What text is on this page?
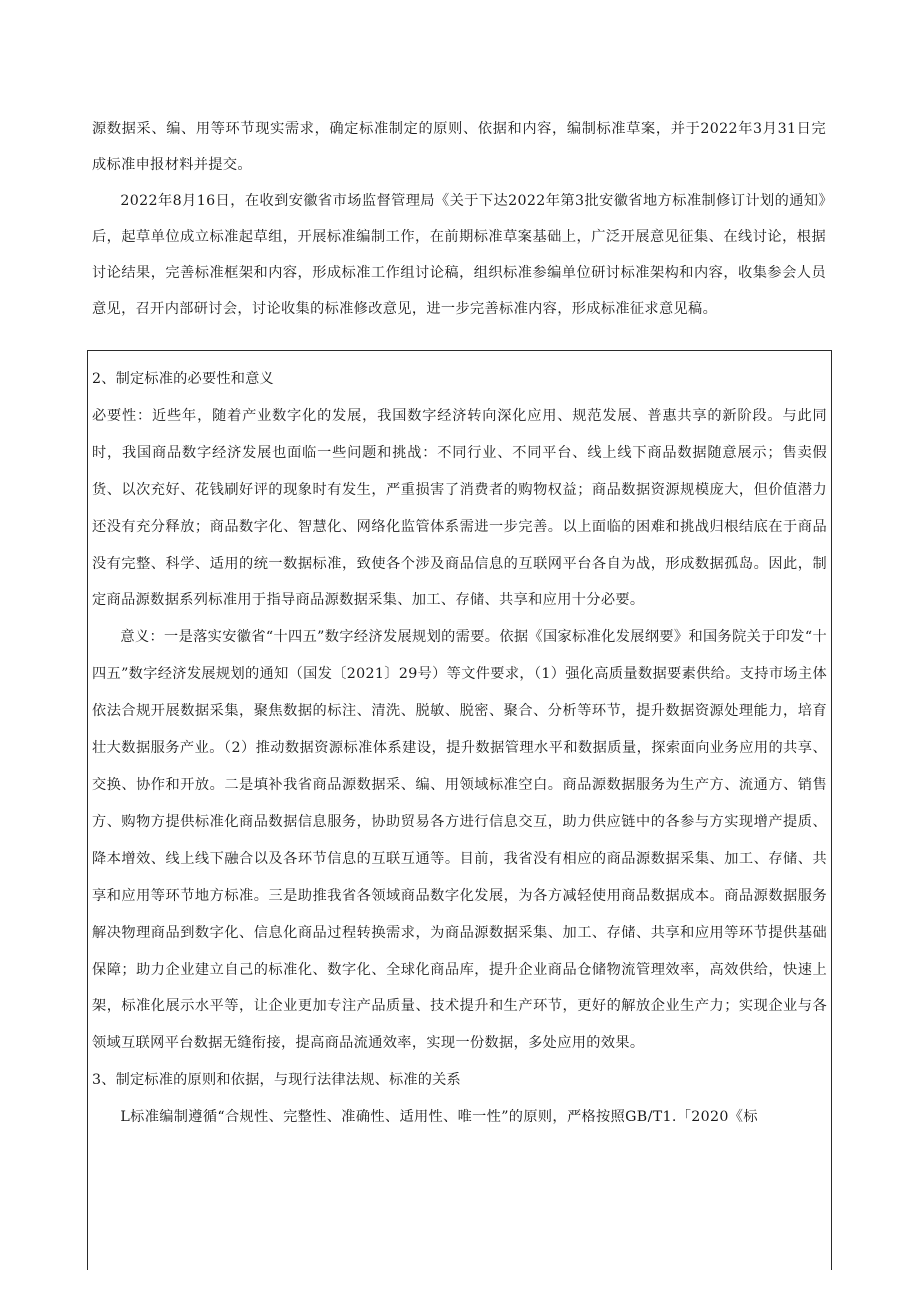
源数据采、编、用等环节现实需求，确定标准制定的原则、依据和内容，编制标准草案，并于2022年3月31日完成标准申报材料并提交。

2022年8月16日，在收到安徽省市场监督管理局《关于下达2022年第3批安徽省地方标准制修订计划的通知》后，起草单位成立标准起草组，开展标准编制工作，在前期标准草案基础上，广泛开展意见征集、在线讨论，根据讨论结果，完善标准框架和内容，形成标准工作组讨论稿，组织标准参编单位研讨标准架构和内容，收集参会人员意见，召开内部研讨会，讨论收集的标准修改意见，进一步完善标准内容，形成标准征求意见稿。

2、制定标准的必要性和意义

必要性：近些年，随着产业数字化的发展，我国数字经济转向深化应用、规范发展、普惠共享的新阶段。与此同时，我国商品数字经济发展也面临一些问题和挑战：不同行业、不同平台、线上线下商品数据随意展示；售卖假货、以次充好、花钱刷好评的现象时有发生，严重损害了消费者的购物权益；商品数据资源规模庞大，但价值潜力还没有充分释放；商品数字化、智慧化、网络化监管体系需进一步完善。以上面临的困难和挑战归根结底在于商品没有完整、科学、适用的统一数据标准，致使各个涉及商品信息的互联网平台各自为战，形成数据孤岛。因此，制定商品源数据系列标准用于指导商品源数据采集、加工、存储、共享和应用十分必要。

意义：一是落实安徽省“十四五”数字经济发展规划的需要。依据《国家标准化发展纲要》和国务院关于印发“十四五”数字经济发展规划的通知（国发〔2021〕29号）等文件要求，（1）强化高质量数据要素供给。支持市场主体依法合规开展数据采集，聚焦数据的标注、清洗、脱敏、脱密、聚合、分析等环节，提升数据资源处理能力，培育壮大数据服务产业。（2）推动数据资源标准体系建设，提升数据管理水平和数据质量，探索面向业务应用的共享、交换、协作和开放。二是填补我省商品源数据采、编、用领域标准空白。商品源数据服务为生产方、流通方、销售方、购物方提供标准化商品数据信息服务，协助贸易各方进行信息交互，助力供应链中的各参与方实现增产提质、降本增效、线上线下融合以及各环节信息的互联互通等。目前，我省没有相应的商品源数据采集、加工、存储、共享和应用等环节地方标准。三是助推我省各领域商品数字化发展，为各方减轻使用商品数据成本。商品源数据服务解决物理商品到数字化、信息化商品过程转换需求，为商品源数据采集、加工、存储、共享和应用等环节提供基础保障；助力企业建立自己的标准化、数字化、全球化商品库，提升企业商品仓储物流管理效率，高效供给，快速上架，标准化展示水平等，让企业更加专注产品质量、技术提升和生产环节，更好的解放企业生产力；实现企业与各领域互联网平台数据无缝衔接，提高商品流通效率，实现一份数据，多处应用的效果。

3、制定标准的原则和依据，与现行法律法规、标准的关系

L标准编制遵循“合规性、完整性、准确性、适用性、唯一性”的原则，严格按照GB/T1.「2020《标
